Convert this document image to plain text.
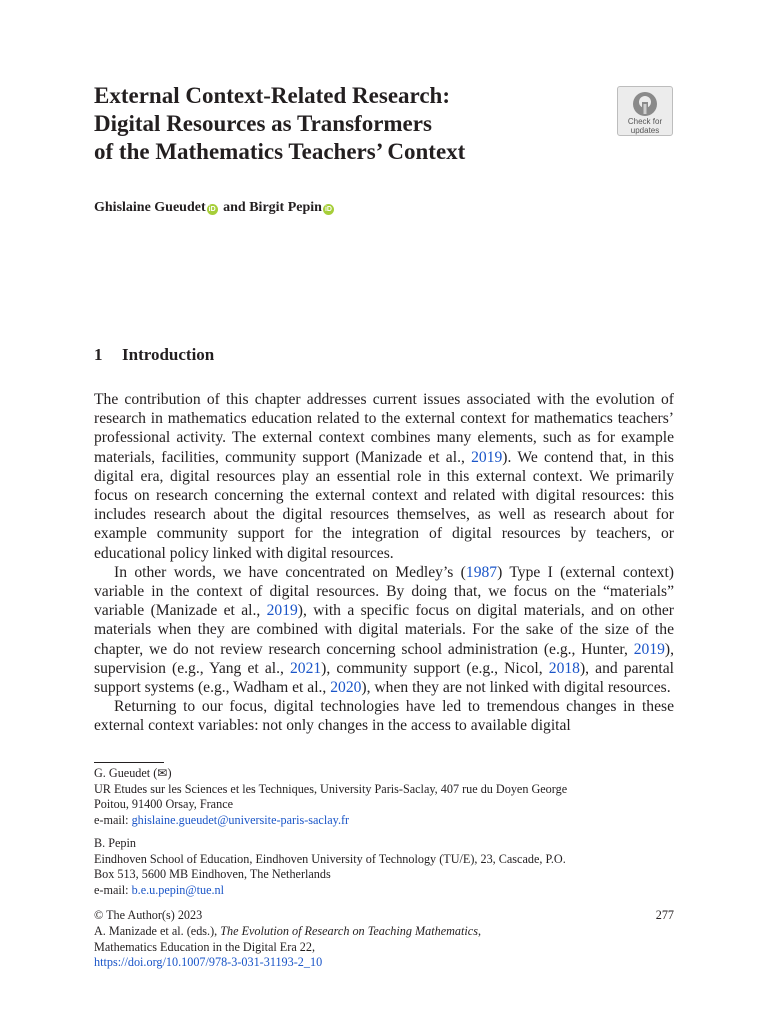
External Context-Related Research:
Digital Resources as Transformers
of the Mathematics Teachers’ Context
Check for
updates
Ghislaine Gueudet iD and Birgit Pepin iD
1 Introduction

The contribution of this chapter addresses current issues associated with the evolution of research in mathematics education related to the external context for mathematics teachers’ professional activity. The external context combines many elements, such as for example materials, facilities, community support (Manizade et al., 2019). We contend that, in this digital era, digital resources play an essential role in this external context. We primarily focus on research concerning the external context and related with digital resources: this includes research about the digital resources themselves, as well as research about for example community support for the integration of digital resources by teachers, or educational policy linked with digital resources.

In other words, we have concentrated on Medley’s (1987) Type I (external context) variable in the context of digital resources. By doing that, we focus on the “materials” variable (Manizade et al., 2019), with a specific focus on digital materials, and on other materials when they are combined with digital materials. For the sake of the size of the chapter, we do not review research concerning school administration (e.g., Hunter, 2019), supervision (e.g., Yang et al., 2021), community support (e.g., Nicol, 2018), and parental support systems (e.g., Wadham et al., 2020), when they are not linked with digital resources.

Returning to our focus, digital technologies have led to tremendous changes in these external context variables: not only changes in the access to available digital

G. Gueudet (✉)
UR Etudes sur les Sciences et les Techniques, University Paris-Saclay, 407 rue du Doyen George
Poitou, 91400 Orsay, France
e-mail: ghislaine.gueudet@universite-paris-saclay.fr
B. Pepin
Eindhoven School of Education, Eindhoven University of Technology (TU/E), 23, Cascade, P.O.
Box 513, 5600 MB Eindhoven, The Netherlands
e-mail: b.e.u.pepin@tue.nl
© The Author(s) 2023
A. Manizade et al. (eds.), The Evolution of Research on Teaching Mathematics,
Mathematics Education in the Digital Era 22,
https://doi.org/10.1007/978-3-031-31193-2_10
277
